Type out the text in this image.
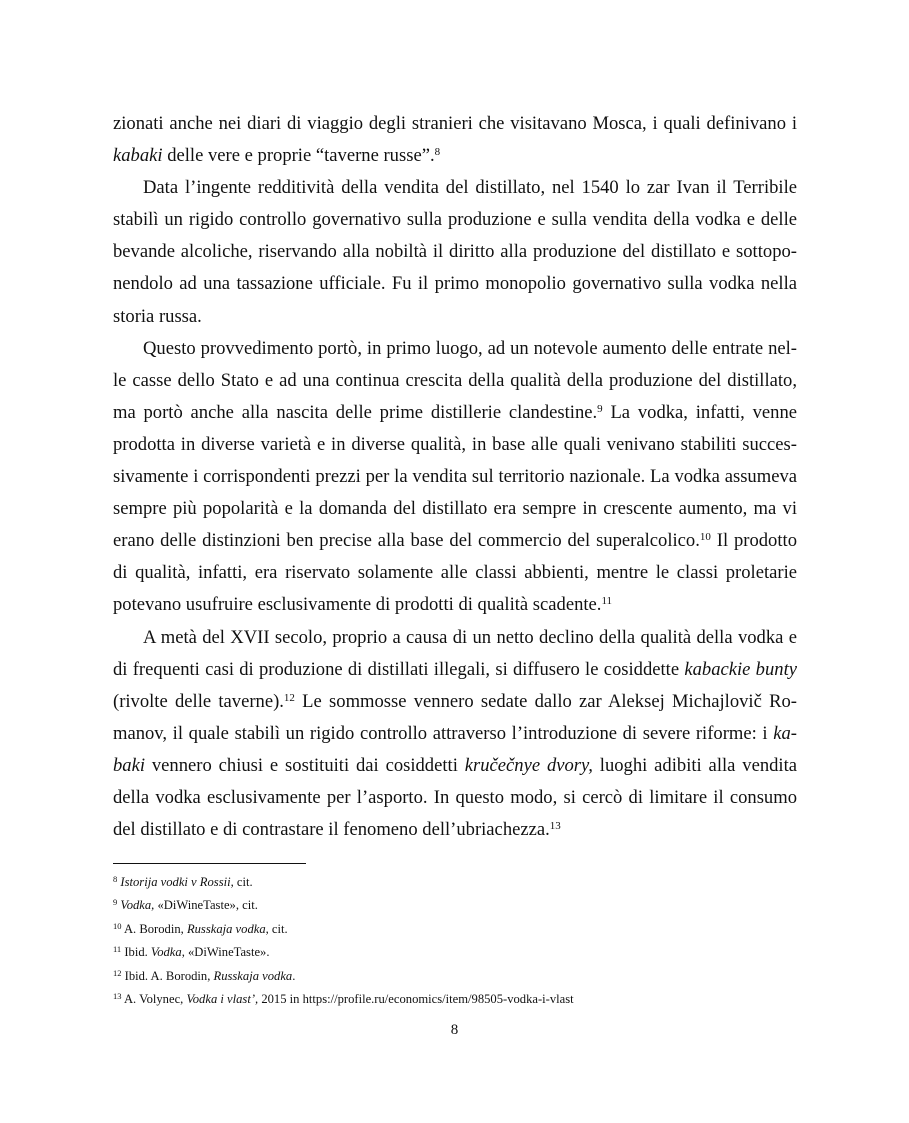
zionati anche nei diari di viaggio degli stranieri che visitavano Mosca, i quali definivano i kabaki delle vere e proprie “taverne russe”.$^8$

Data l’ingente redditività della vendita del distillato, nel 1540 lo zar Ivan il Terribile stabilì un rigido controllo governativo sulla produzione e sulla vendita della vodka e delle bevande alcoliche, riservando alla nobiltà il diritto alla produzione del distillato e sottoponendolo ad una tassazione ufficiale. Fu il primo monopolio governativo sulla vodka nella storia russa.

Questo provvedimento portò, in primo luogo, ad un notevole aumento delle entrate nelle casse dello Stato e ad una continua crescita della qualità della produzione del distillato, ma portò anche alla nascita delle prime distillerie clandestine.$^9$ La vodka, infatti, venne prodotta in diverse varietà e in diverse qualità, in base alle quali venivano stabiliti successivamente i corrispondenti prezzi per la vendita sul territorio nazionale. La vodka assumeva sempre più popolarità e la domanda del distillato era sempre in crescente aumento, ma vi erano delle distinzioni ben precise alla base del commercio del superalcolico.$^{10}$ Il prodotto di qualità, infatti, era riservato solamente alle classi abbienti, mentre le classi proletarie potevano usufruire esclusivamente di prodotti di qualità scadente.$^{11}$

A metà del XVII secolo, proprio a causa di un netto declino della qualità della vodka e di frequenti casi di produzione di distillati illegali, si diffusero le cosiddette kabackie bunty (rivolte delle taverne).$^{12}$ Le sommosse vennero sedate dallo zar Aleksej Michajlovič Romanov, il quale stabilì un rigido controllo attraverso l’introduzione di severe riforme: i kabaki vennero chiusi e sostituiti dai cosiddetti kručečnye dvory, luoghi adibiti alla vendita della vodka esclusivamente per l’asporto. In questo modo, si cercò di limitare il consumo del distillato e di contrastare il fenomeno dell’ubriachezza.$^{13}$

$^8$ Istorija vodki v Rossii, cit.

$^9$ Vodka, «DiWineTaste», cit.

$^{10}$ A. Borodin, Russkaja vodka, cit.

$^{11}$ Ibid. Vodka, «DiWineTaste».

$^{12}$ Ibid. A. Borodin, Russkaja vodka.

$^{13}$ A. Volynec, Vodka i vlast’, 2015 in https://profile.ru/economics/item/98505-vodka-i-vlast

8
